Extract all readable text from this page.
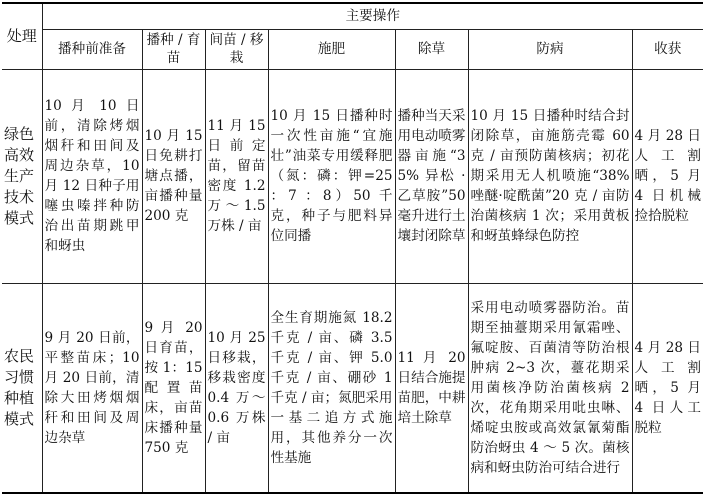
处理	主要操作						
	播种前准备	播种 / 育苗	间苗 / 移栽	施肥	除草	防病	收获
绿色高效生产技术模式	10 月 10 日前，清除烤烟烟秆和田间及周边杂草，10 月 12 日种子用噻虫嗪拌种防治出苗期跳甲和蚜虫	10 月 15 日免耕打塘点播，亩播种量 200 克	11 月 15 日前定苗，留苗密度 1.2 万～1.5 万株 / 亩	10 月 15 日播种时一次性亩施“宜施壮”油菜专用缓释肥（氮：磷：钾=25 ：7 ：8）50 千克，种子与肥料异位同播	播种当天采用电动喷雾器亩施“35% 异松 · 乙草胺”50 毫升进行土壤封闭除草	10 月 15 日播种时结合封闭除草，亩施筋壳霉 60 克 / 亩预防菌核病；初花期采用无人机喷施“38% 唑醚·啶酰菌”20 克 / 亩防治菌核病 1 次；采用黄板和蚜茧蜂绿色防控	4 月 28 日人工割晒，5 月 4 日机械捡拾脱粒
农民习惯种植模式	9 月 20 日前，平整苗床；10 月 20 日前，清除大田烤烟烟秆和田间及周边杂草	9 月 20 日育苗，按 1：15 配置苗床，亩苗床播种量 750 克	10 月 25 日移栽，移栽密度 0.4 万～0.6 万株 / 亩	全生育期施氮 18.2 千克 / 亩、磷 3.5 千克 / 亩、钾 5.0 千克 / 亩、硼砂 1 千克 / 亩；氮肥采用一基二追方式施用，其他养分一次性基施	11 月 20 日结合施提苗肥，中耕培土除草	采用电动喷雾器防治。苗期至抽薹期采用氰霜唑、氟啶胺、百菌清等防治根肿病 2~3 次，薹花期采用菌核净防治菌核病 2 次，花角期采用吡虫啉、烯啶虫胺或高效氯氰菊酯防治蚜虫 4 ～ 5 次。菌核病和蚜虫防治可结合进行	4 月 28 日人工割晒，5 月 4 日人工脱粒
